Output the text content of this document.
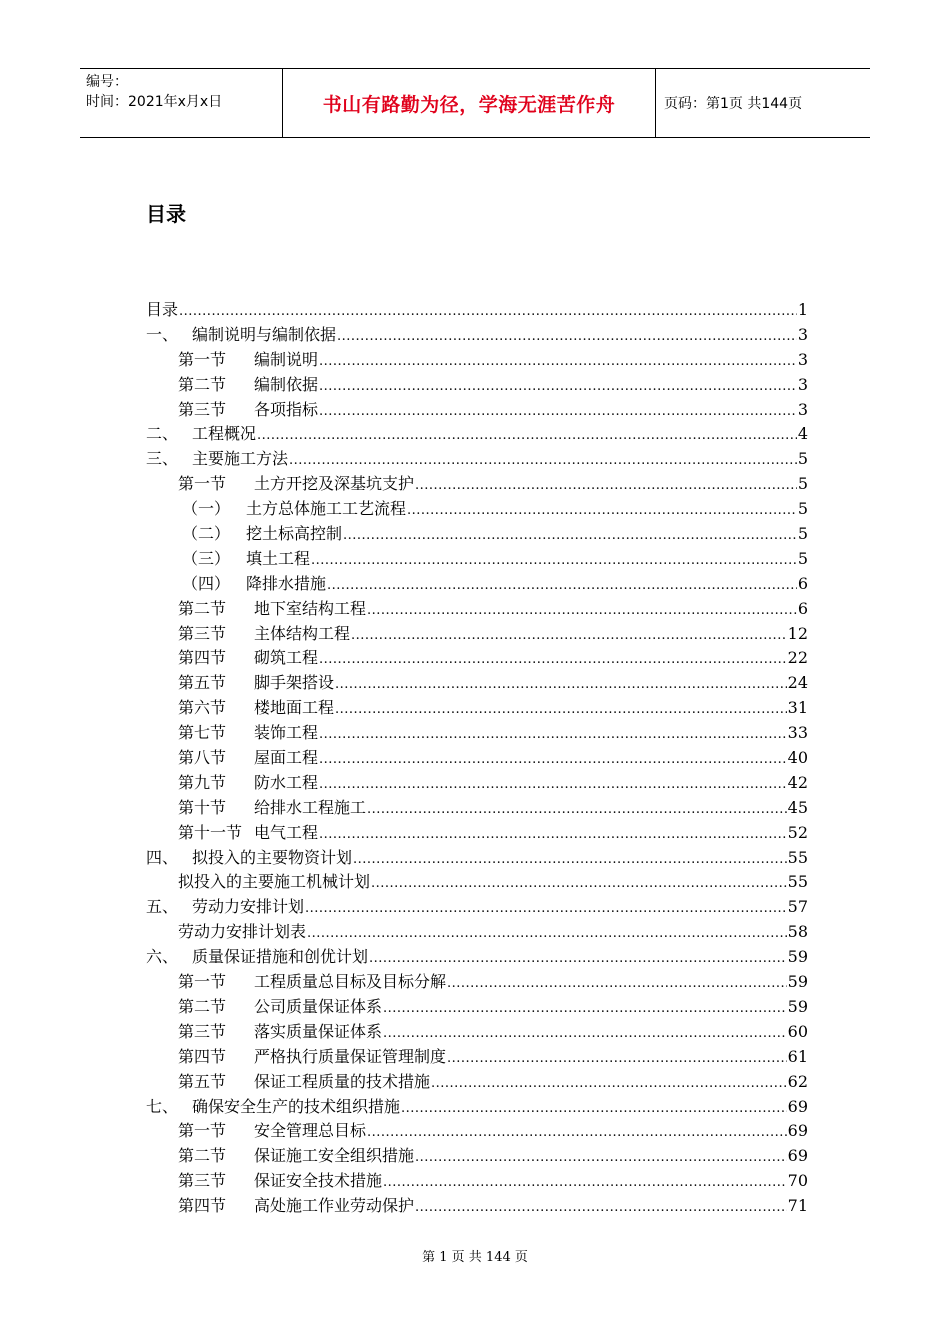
编号：
时间：2021年x月x日	书山有路勤为径，学海无涯苦作舟	页码：第1页 共144页
目录
目录 .....	1
一、 编制说明与编制依据 .....	3
第一节	编制说明 .....	3
第二节	编制依据 .....	3
第三节	各项指标 .....	3
二、 工程概况 .....	4
三、 主要施工方法 .....	5
第一节	土方开挖及深基坑支护 .....	5
（一） 土方总体施工工艺流程 .....	5
（二） 挖土标高控制 .....	5
（三） 填土工程 .....	5
（四） 降排水措施 .....	6
第二节	地下室结构工程 .....	6
第三节	主体结构工程 .....	12
第四节	砌筑工程 .....	22
第五节	脚手架搭设 .....	24
第六节	楼地面工程 .....	31
第七节	装饰工程 .....	33
第八节	屋面工程 .....	40
第九节	防水工程 .....	42
第十节	给排水工程施工 .....	45
第十一节 电气工程 .....	52
四、 拟投入的主要物资计划 .....	55
拟投入的主要施工机械计划 .....	55
五、 劳动力安排计划 .....	57
劳动力安排计划表 .....	58
六、 质量保证措施和创优计划 .....	59
第一节	工程质量总目标及目标分解 .....	59
第二节	公司质量保证体系 .....	59
第三节	落实质量保证体系 .....	60
第四节	严格执行质量保证管理制度 .....	61
第五节	保证工程质量的技术措施 .....	62
七、 确保安全生产的技术组织措施 .....	69
第一节	安全管理总目标 .....	69
第二节	保证施工安全组织措施 .....	69
第三节	保证安全技术措施 .....	70
第四节	高处施工作业劳动保护 .....	71
第 1 页 共 144 页
